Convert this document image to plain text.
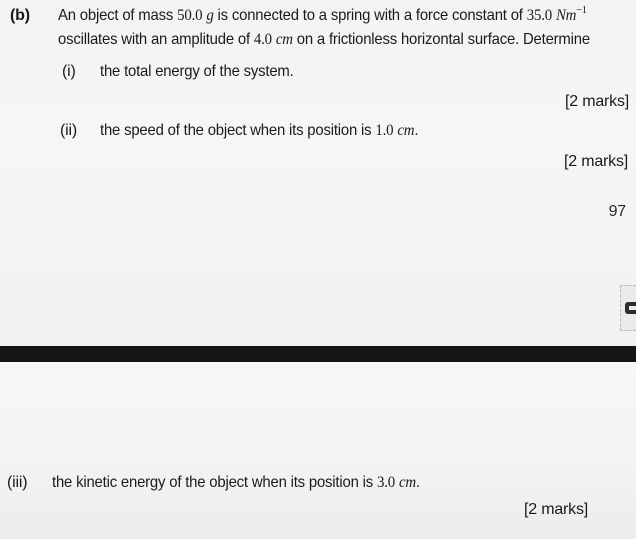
(b) An object of mass 50.0 g is connected to a spring with a force constant of 35.0 $Nm^{-1}$
oscillates with an amplitude of 4.0 cm on a frictionless horizontal surface. Determine
(i) the total energy of the system.
[2 marks]
(ii) the speed of the object when its position is 1.0 cm.
[2 marks]
97
(iii) the kinetic energy of the object when its position is 3.0 cm.
[2 marks]
